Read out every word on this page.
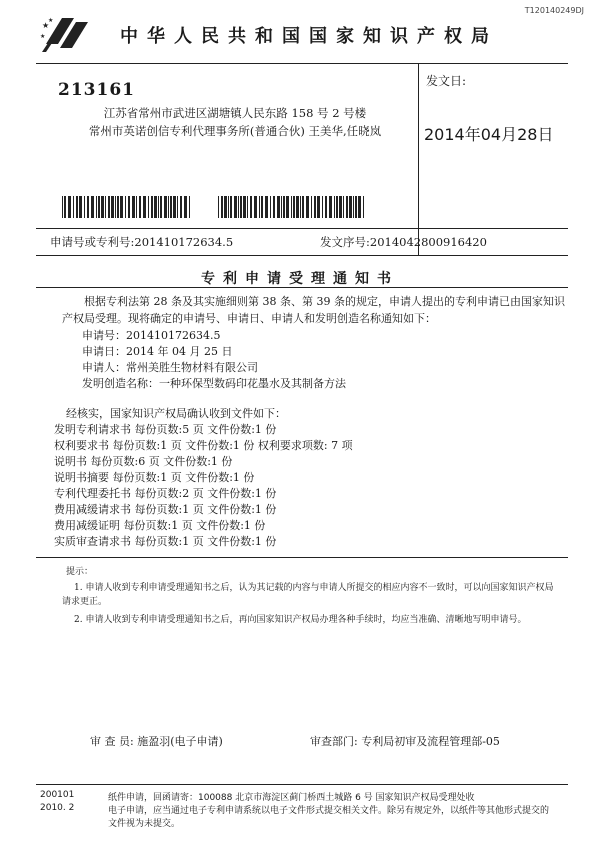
T120140249DJ
★
★
★
中华人民共和国国家知识产权局
213161
江苏省常州市武进区湖塘镇人民东路 158 号 2 号楼
常州市英诺创信专利代理事务所(普通合伙) 王美华,任晓岚
发文日:
2014年04月28日
申请号或专利号:201410172634.5	发文序号:2014042800916420
专利申请受理通知书
根据专利法第 28 条及其实施细则第 38 条、第 39 条的规定，申请人提出的专利申请已由国家知识产权局受理。现将确定的申请号、申请日、申请人和发明创造名称通知如下：
申请号：201410172634.5
申请日：2014 年 04 月 25 日
申请人：常州美胜生物材料有限公司
发明创造名称：一种环保型数码印花墨水及其制备方法
经核实，国家知识产权局确认收到文件如下：
发明专利请求书 每份页数:5 页 文件份数:1 份
权利要求书 每份页数:1 页 文件份数:1 份 权利要求项数: 7 项
说明书 每份页数:6 页 文件份数:1 份
说明书摘要 每份页数:1 页 文件份数:1 份
专利代理委托书 每份页数:2 页 文件份数:1 份
费用减缓请求书 每份页数:1 页 文件份数:1 份
费用减缓证明 每份页数:1 页 文件份数:1 份
实质审查请求书 每份页数:1 页 文件份数:1 份
提示：
1. 申请人收到专利申请受理通知书之后，认为其记载的内容与申请人所提交的相应内容不一致时，可以向国家知识产权局
请求更正。
2. 申请人收到专利申请受理通知书之后，再向国家知识产权局办理各种手续时，均应当准确、清晰地写明申请号。
审 查 员: 施盈羽(电子申请)	审查部门: 专利局初审及流程管理部-05
200101
2010. 2
纸件申请，回函请寄：100088 北京市海淀区蓟门桥西土城路 6 号 国家知识产权局受理处收
电子申请，应当通过电子专利申请系统以电子文件形式提交相关文件。除另有规定外，以纸件等其他形式提交的
文件视为未提交。
